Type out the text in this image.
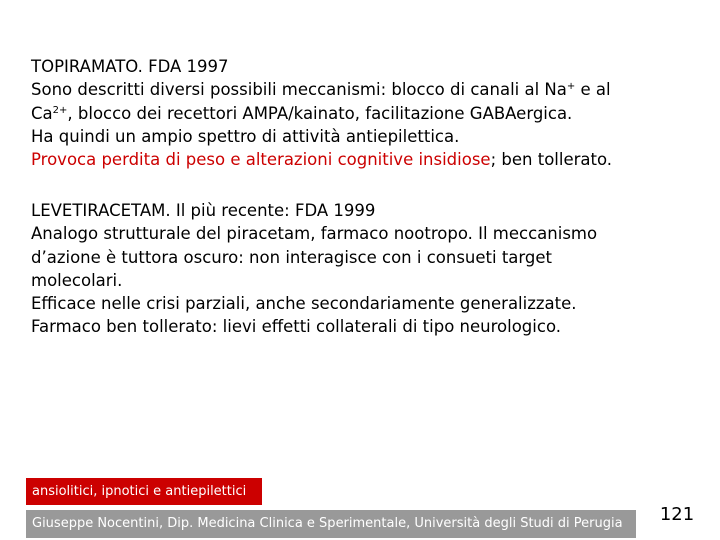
TOPIRAMATO. FDA 1997
Sono descritti diversi possibili meccanismi: blocco di canali al Na+ e al
$Ca^{2+}$, blocco dei recettori AMPA/kainato, facilitazione GABAergica.
Ha quindi un ampio spettro di attività antiepilettica.
Provoca perdita di peso e alterazioni cognitive insidiose; ben tollerato.
LEVETIRACETAM. Il più recente: FDA 1999
Analogo strutturale del piracetam, farmaco nootropo. Il meccanismo
d’azione è tuttora oscuro: non interagisce con i consueti target
molecolari.
Efficace nelle crisi parziali, anche secondariamente generalizzate.
Farmaco ben tollerato: lievi effetti collaterali di tipo neurologico.
ansiolitici, ipnotici e antiepilettici
Giuseppe Nocentini, Dip. Medicina Clinica e Sperimentale, Università degli Studi di Perugia	121
